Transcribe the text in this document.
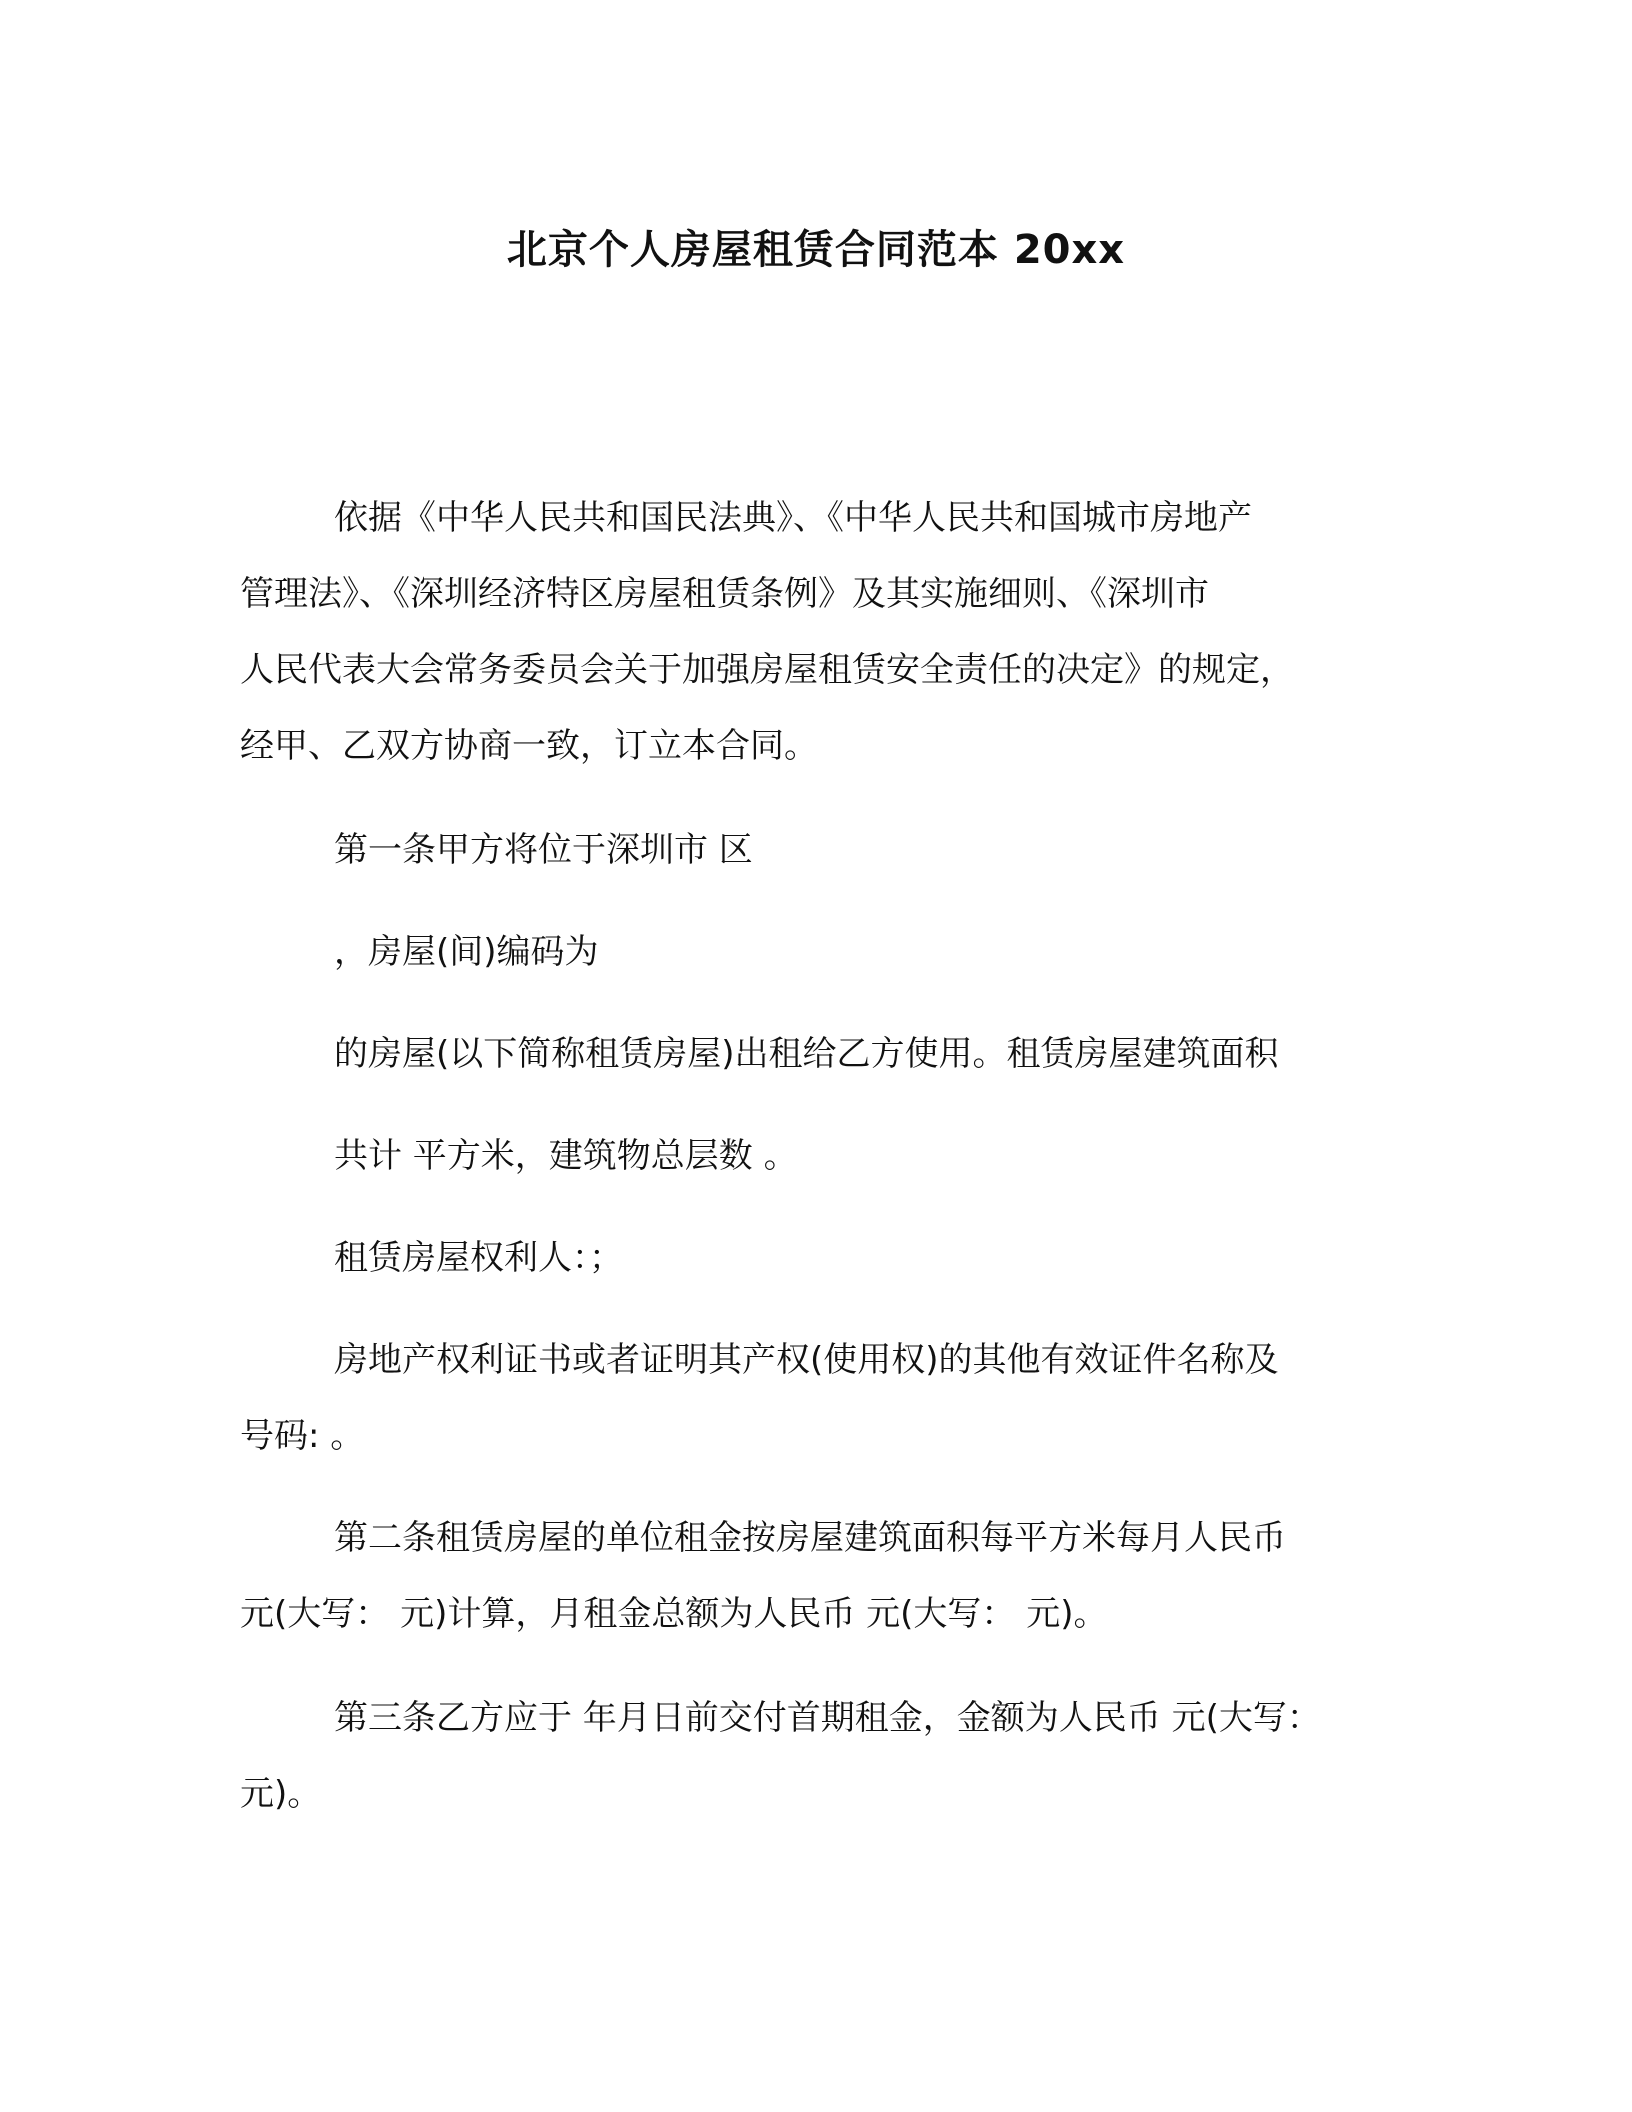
北京个人房屋租赁合同范本 20xx
依据《中华人民共和国民法典》、《中华人民共和国城市房地产
管理法》、《深圳经济特区房屋租赁条例》及其实施细则、《深圳市
人民代表大会常务委员会关于加强房屋租赁安全责任的决定》的规定，
经甲、乙双方协商一致，订立本合同。
第一条甲方将位于深圳市 区
，房屋(间)编码为
的房屋(以下简称租赁房屋)出租给乙方使用。租赁房屋建筑面积
共计 平方米，建筑物总层数 。
租赁房屋权利人：；
房地产权利证书或者证明其产权(使用权)的其他有效证件名称及
号码: 。
第二条租赁房屋的单位租金按房屋建筑面积每平方米每月人民币
元(大写： 元)计算，月租金总额为人民币 元(大写： 元)。
第三条乙方应于 年月日前交付首期租金，金额为人民币 元(大写：
元)。
